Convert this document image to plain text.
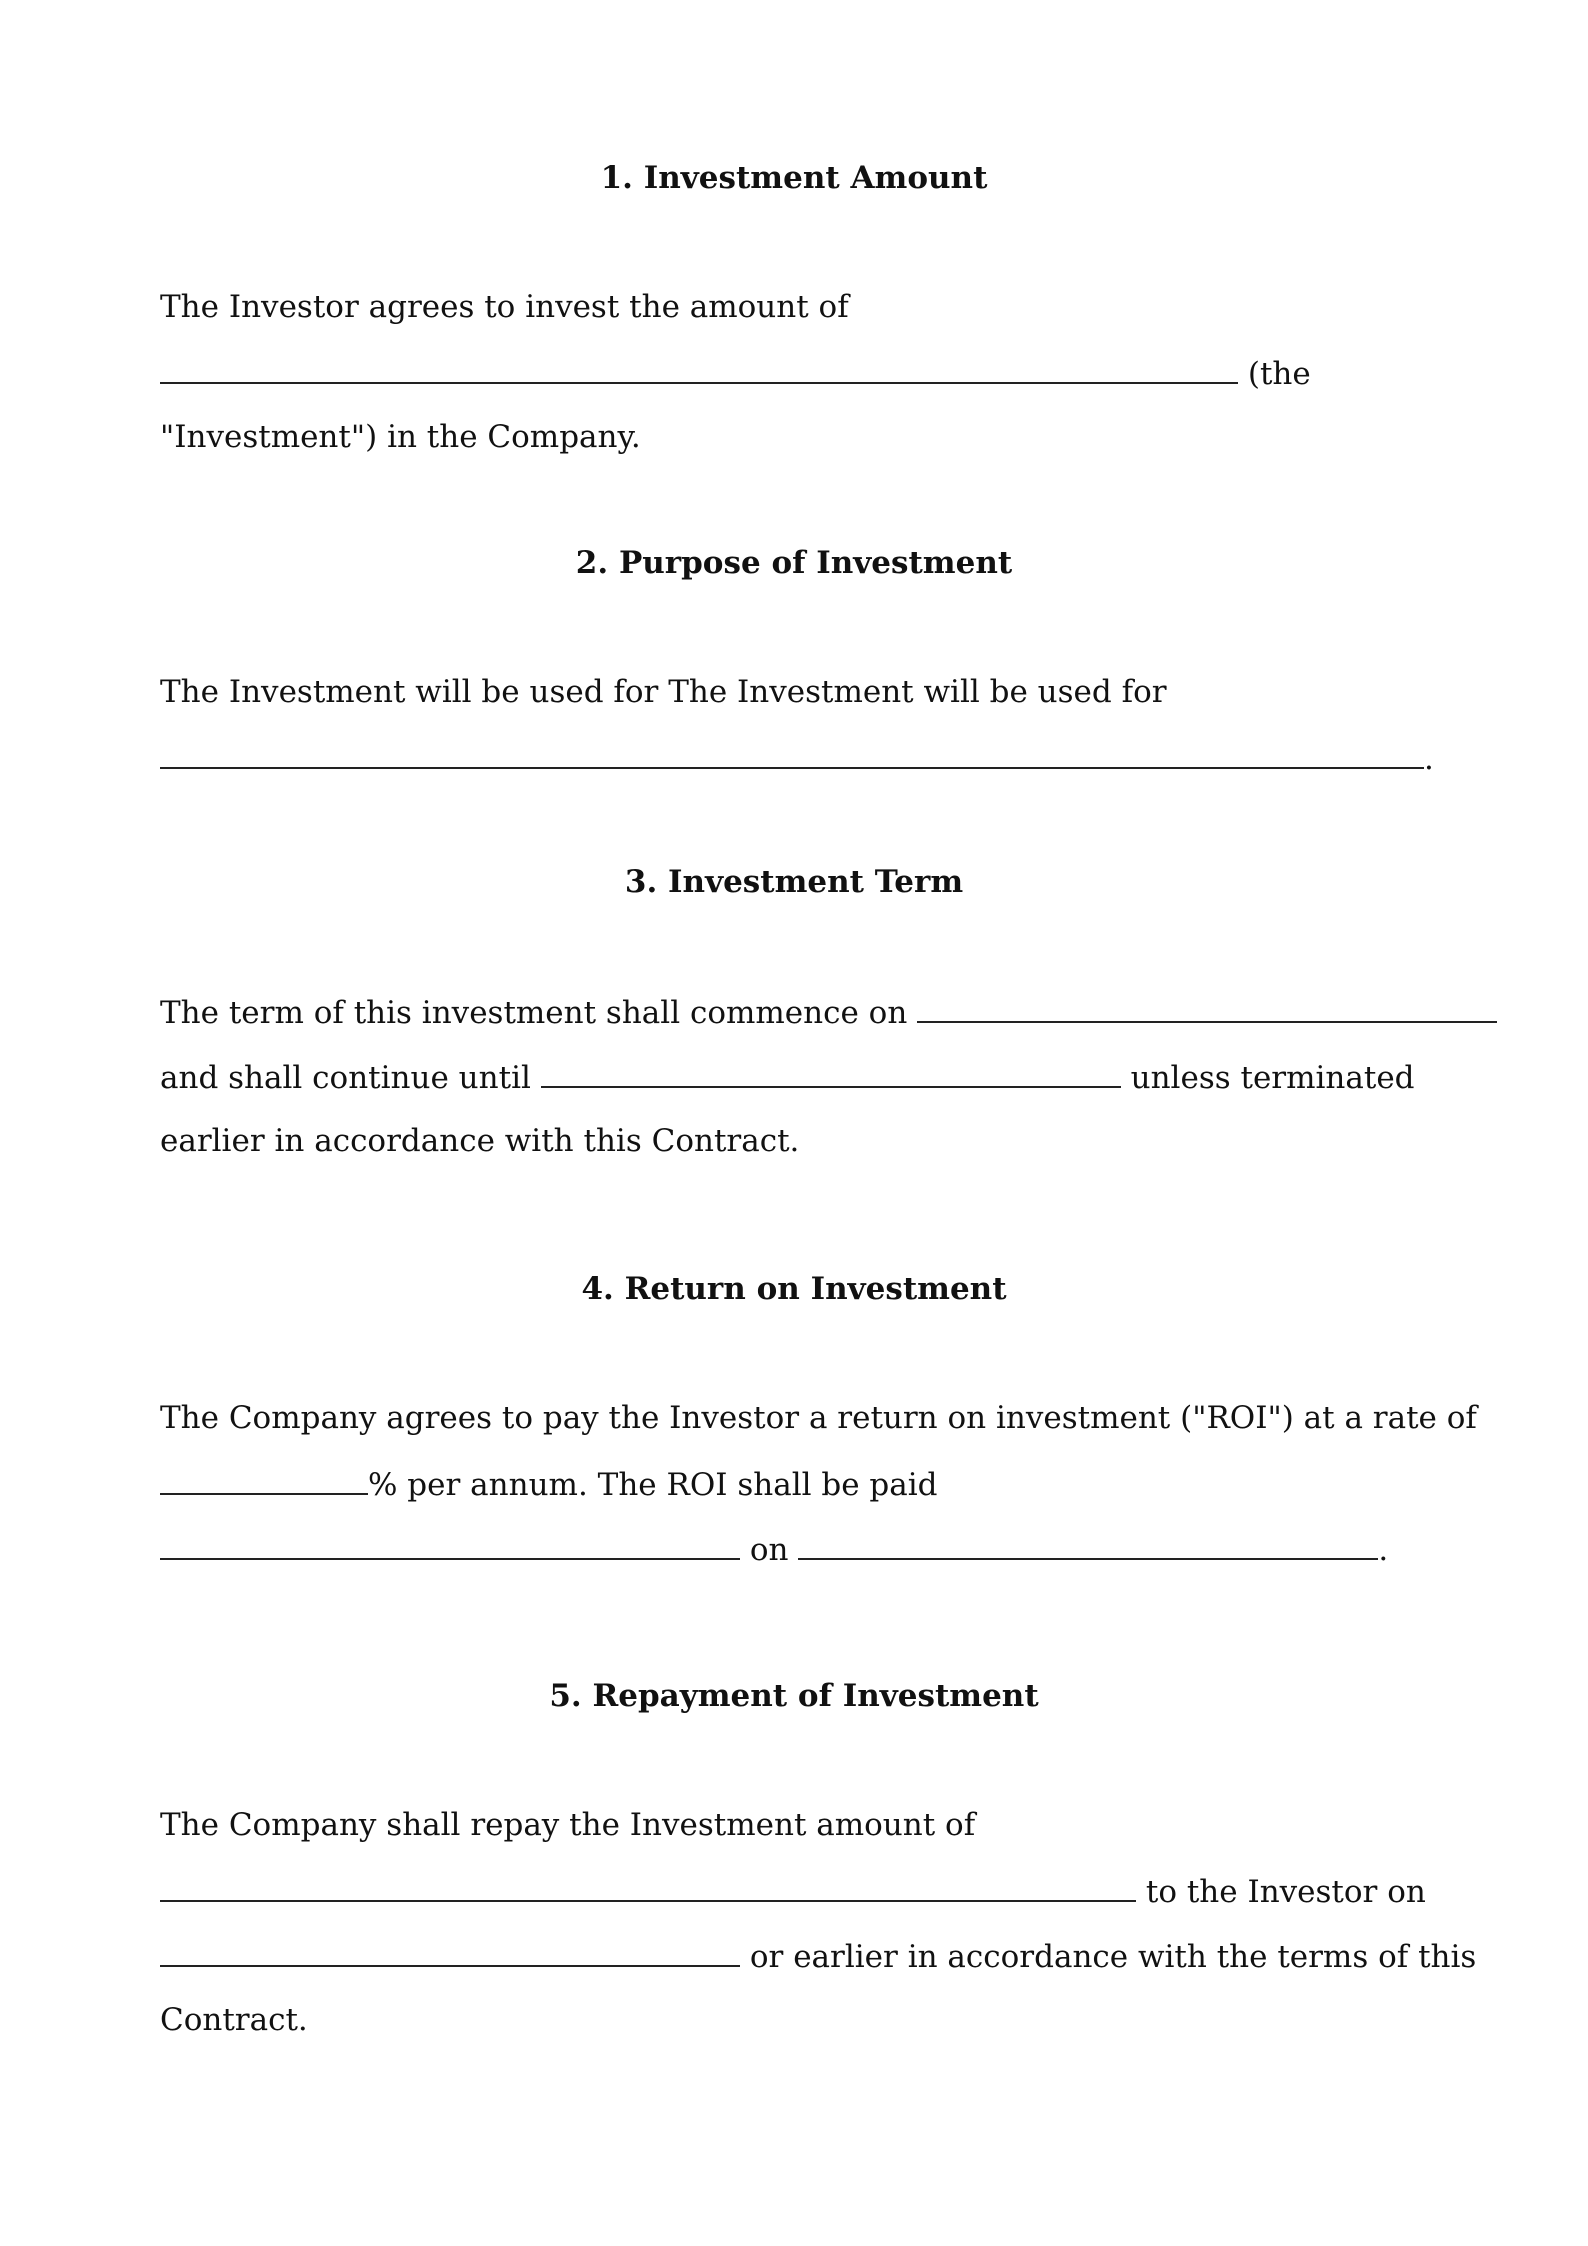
1. Investment Amount

The Investor agrees to invest the amount of

(the

"Investment") in the Company.

2. Purpose of Investment

The Investment will be used for The Investment will be used for

.

3. Investment Term

The term of this investment shall commence on

and shall continue until	unless terminated

earlier in accordance with this Contract.

4. Return on Investment

The Company agrees to pay the Investor a return on investment ("ROI") at a rate of

% per annum. The ROI shall be paid

on	.

5. Repayment of Investment

The Company shall repay the Investment amount of

to the Investor on

or earlier in accordance with the terms of this

Contract.
